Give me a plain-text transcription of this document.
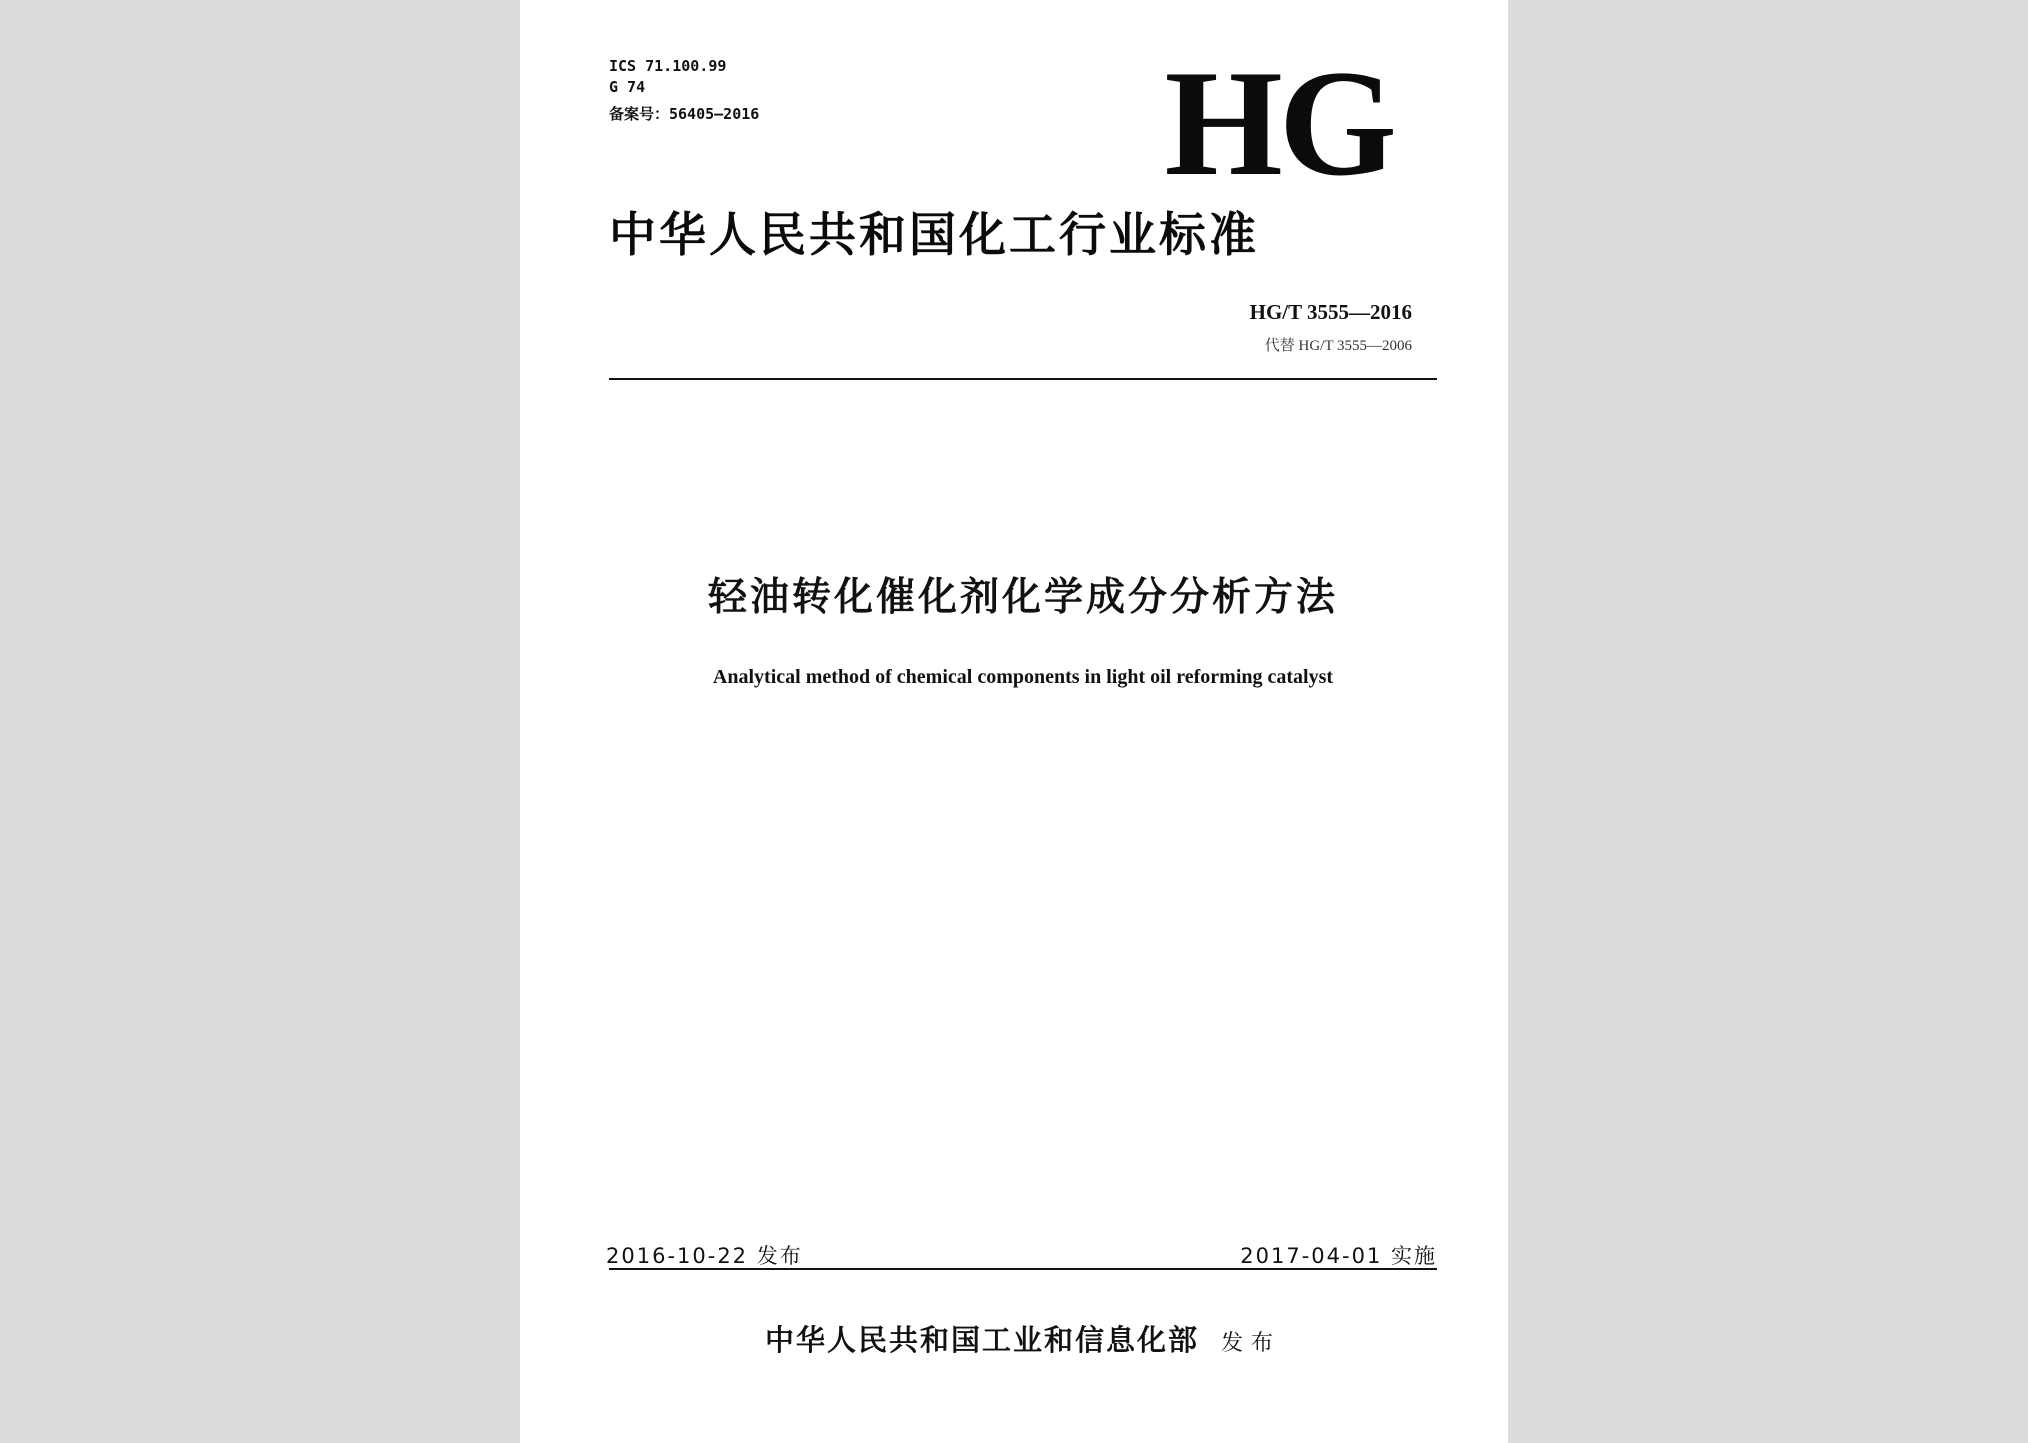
ICS 71.100.99
G 74
备案号：56405—2016	HG
中华人民共和国化工行业标准
HG/T 3555—2016
代替 HG/T 3555—2006
轻油转化催化剂化学成分分析方法
Analytical method of chemical components in light oil reforming catalyst
2016-10-22 发布	2017-04-01 实施
中华人民共和国工业和信息化部 发布
